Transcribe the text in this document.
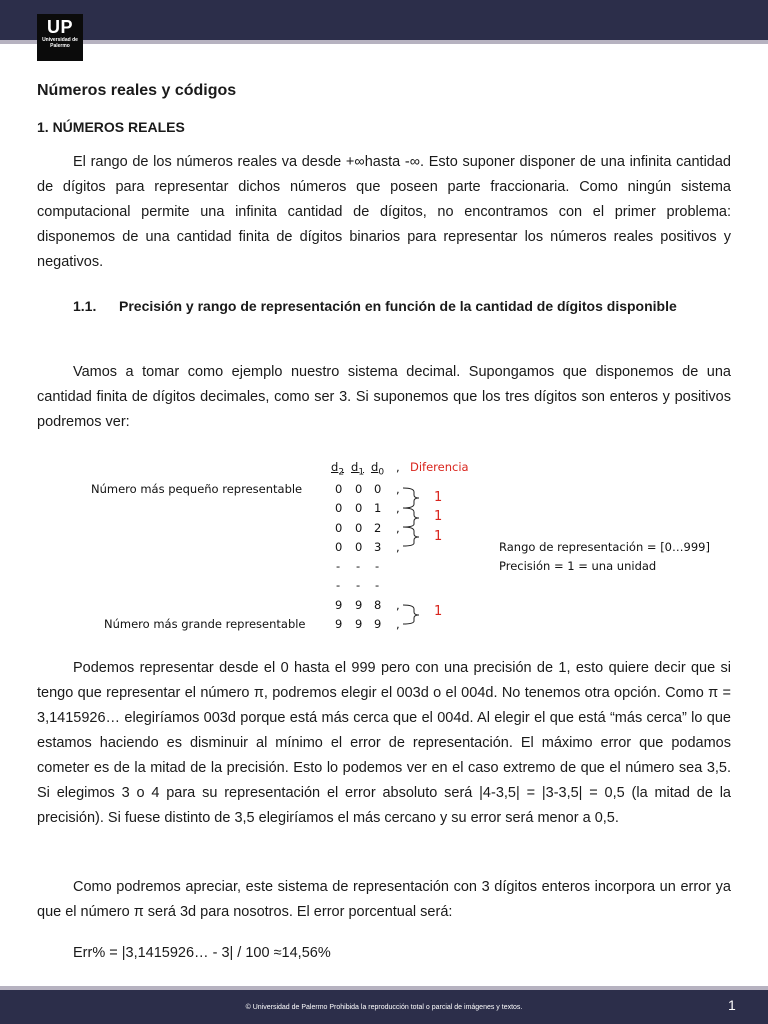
UP
Universidad de Palermo
Números reales y códigos
1. NÚMEROS REALES

El rango de los números reales va desde +∞hasta -∞. Esto suponer disponer de una infinita cantidad de dígitos para representar dichos números que poseen parte fraccionaria. Como ningún sistema computacional permite una infinita cantidad de dígitos, no encontramos con el primer problema: disponemos de una cantidad finita de dígitos binarios para representar los números reales positivos y negativos.

1.1. Precisión y rango de representación en función de la cantidad de dígitos disponible

Vamos a tomar como ejemplo nuestro sistema decimal. Supongamos que disponemos de una cantidad finita de dígitos decimales, como ser 3. Si suponemos que los tres dígitos son enteros y positivos podremos ver:

$d_2$ $d_1$ $d_0$ , Diferencia
Número más pequeño representable
Número más grande representable
0 0 0 ,
0 0 1 ,
0 0 2 ,
0 0 3 ,
- - -
- - -
9 9 8 ,
9 9 9 ,
1
1
1
1
Rango de representación = [0…999]
Precisión = 1 = una unidad

Podemos representar desde el 0 hasta el 999 pero con una precisión de 1, esto quiere decir que si tengo que representar el número π, podremos elegir el 003d o el 004d. No tenemos otra opción. Como π = 3,1415926… elegiríamos 003d porque está más cerca que el 004d. Al elegir el que está “más cerca” lo que estamos haciendo es disminuir al mínimo el error de representación. El máximo error que podamos cometer es de la mitad de la precisión. Esto lo podemos ver en el caso extremo de que el número sea 3,5. Si elegimos 3 o 4 para su representación el error absoluto será |4-3,5| = |3-3,5| = 0,5 (la mitad de la precisión). Si fuese distinto de 3,5 elegiríamos el más cercano y su error será menor a 0,5.

Como podremos apreciar, este sistema de representación con 3 dígitos enteros incorpora un error ya que el número π será 3d para nosotros. El error porcentual será:

Err% = |3,1415926… - 3| / 100 ≈14,56%
© Universidad de Palermo Prohibida la reproducción total o parcial de imágenes y textos.	1
